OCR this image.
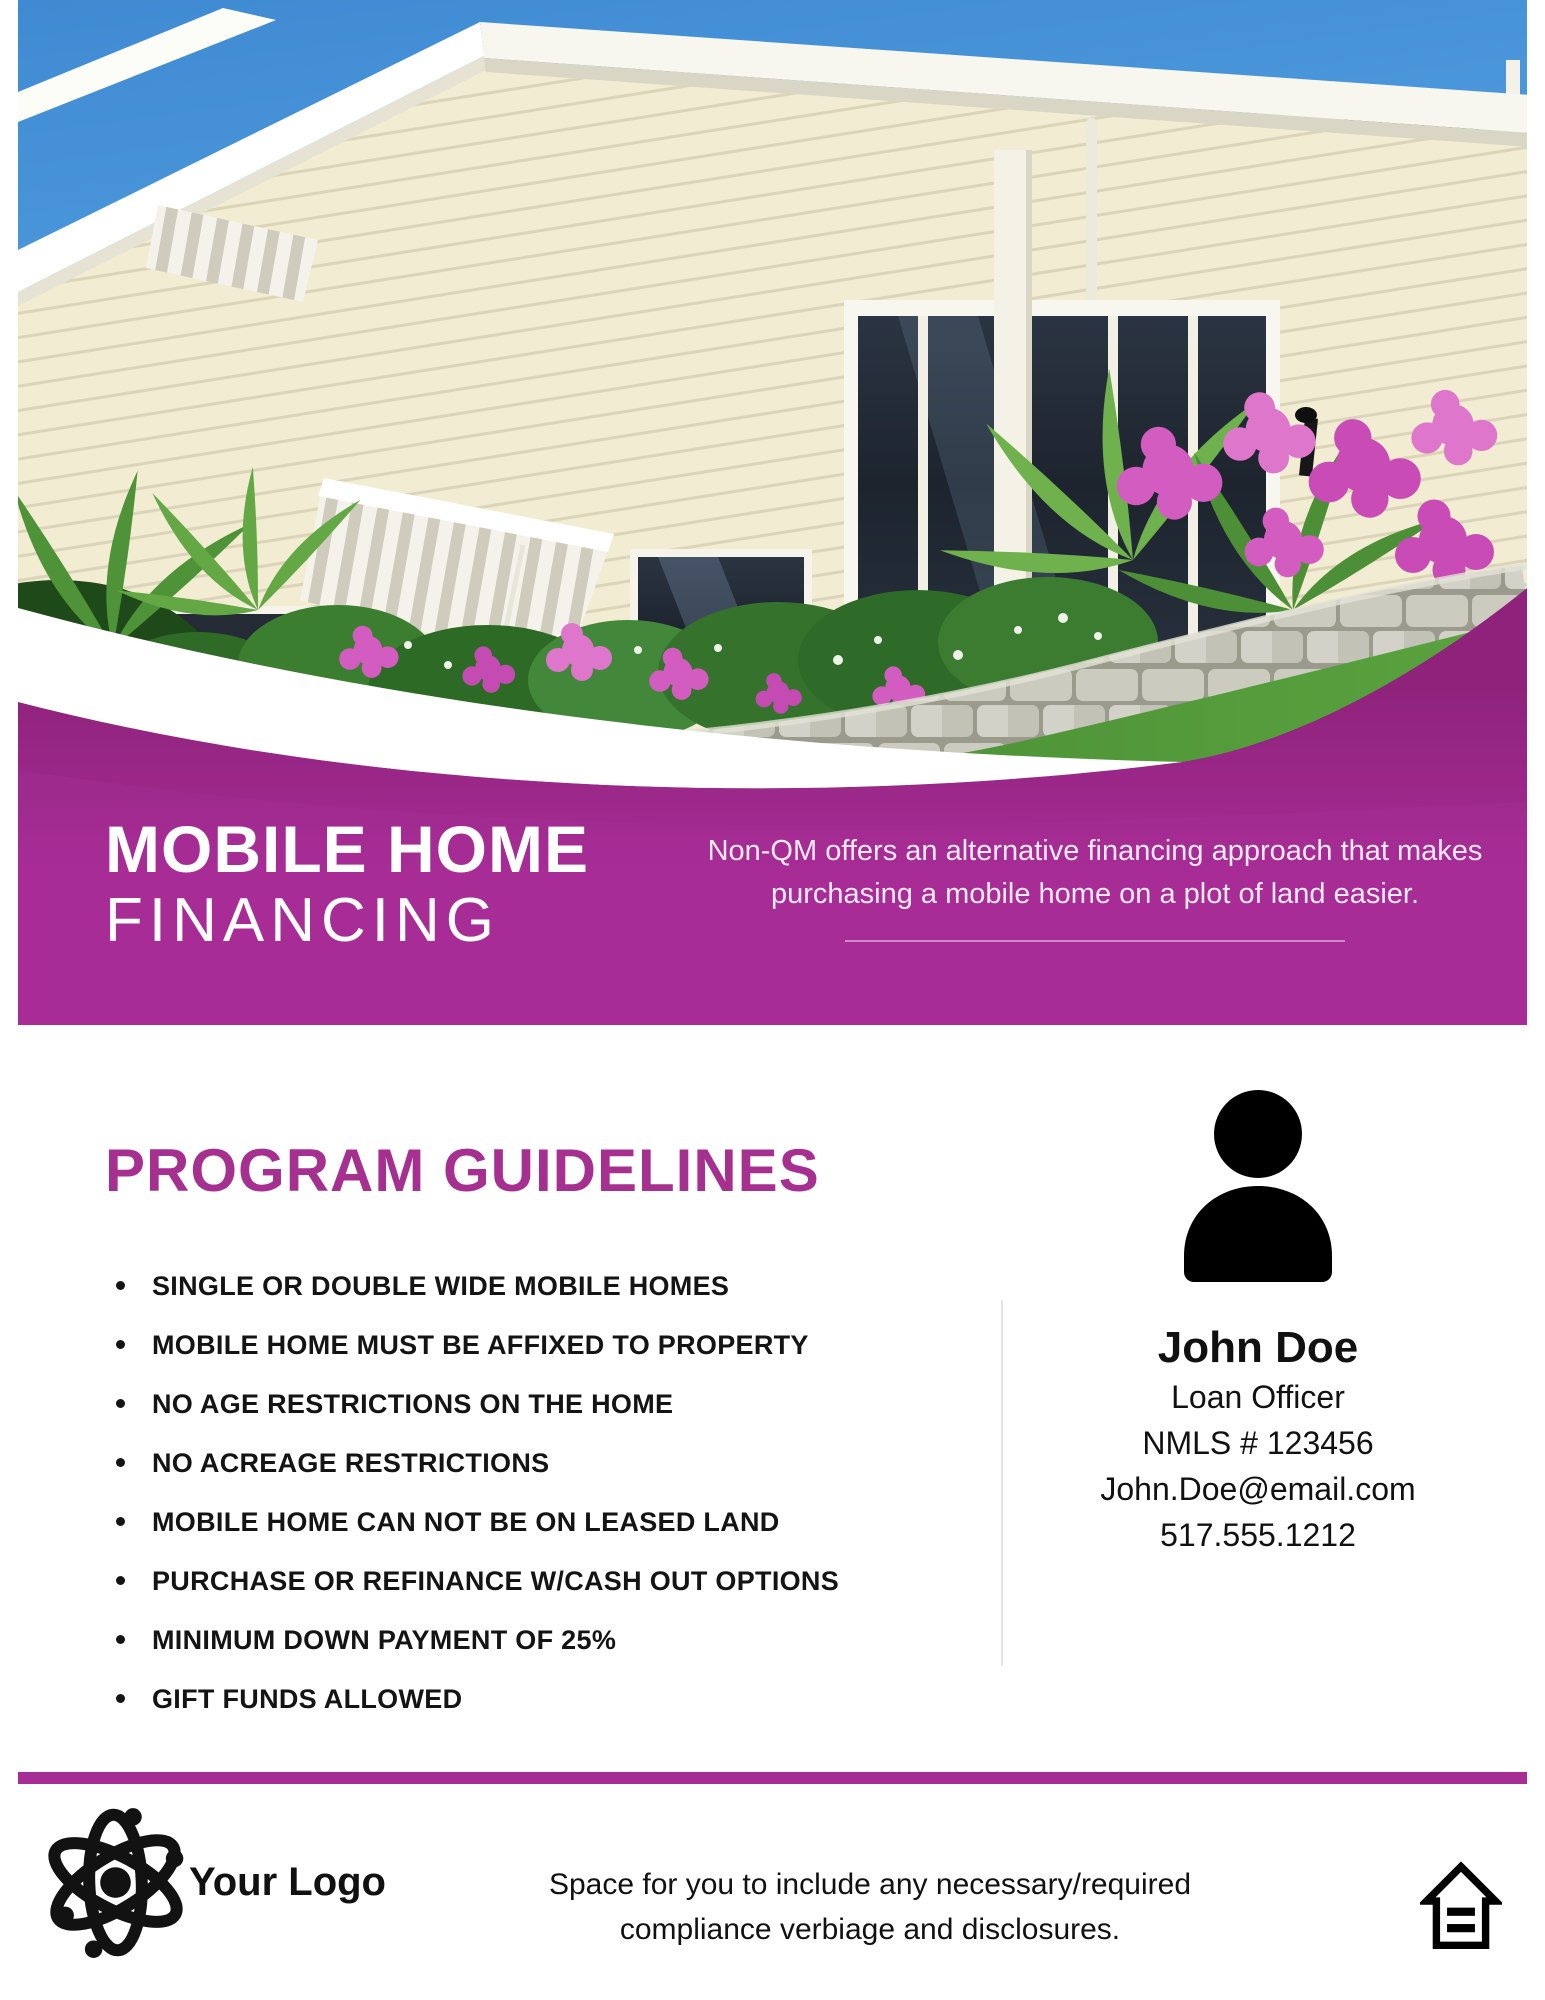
MOBILE HOME
FINANCING
Non-QM offers an alternative financing approach that makes purchasing a mobile home on a plot of land easier.
PROGRAM GUIDELINES
SINGLE OR DOUBLE WIDE MOBILE HOMES
MOBILE HOME MUST BE AFFIXED TO PROPERTY
NO AGE RESTRICTIONS ON THE HOME
NO ACREAGE RESTRICTIONS
MOBILE HOME CAN NOT BE ON LEASED LAND
PURCHASE OR REFINANCE W/CASH OUT OPTIONS
MINIMUM DOWN PAYMENT OF 25%
GIFT FUNDS ALLOWED
John Doe
Loan Officer
NMLS # 123456
John.Doe@email.com
517.555.1212
Your Logo	Space for you to include any necessary/required
compliance verbiage and disclosures.
